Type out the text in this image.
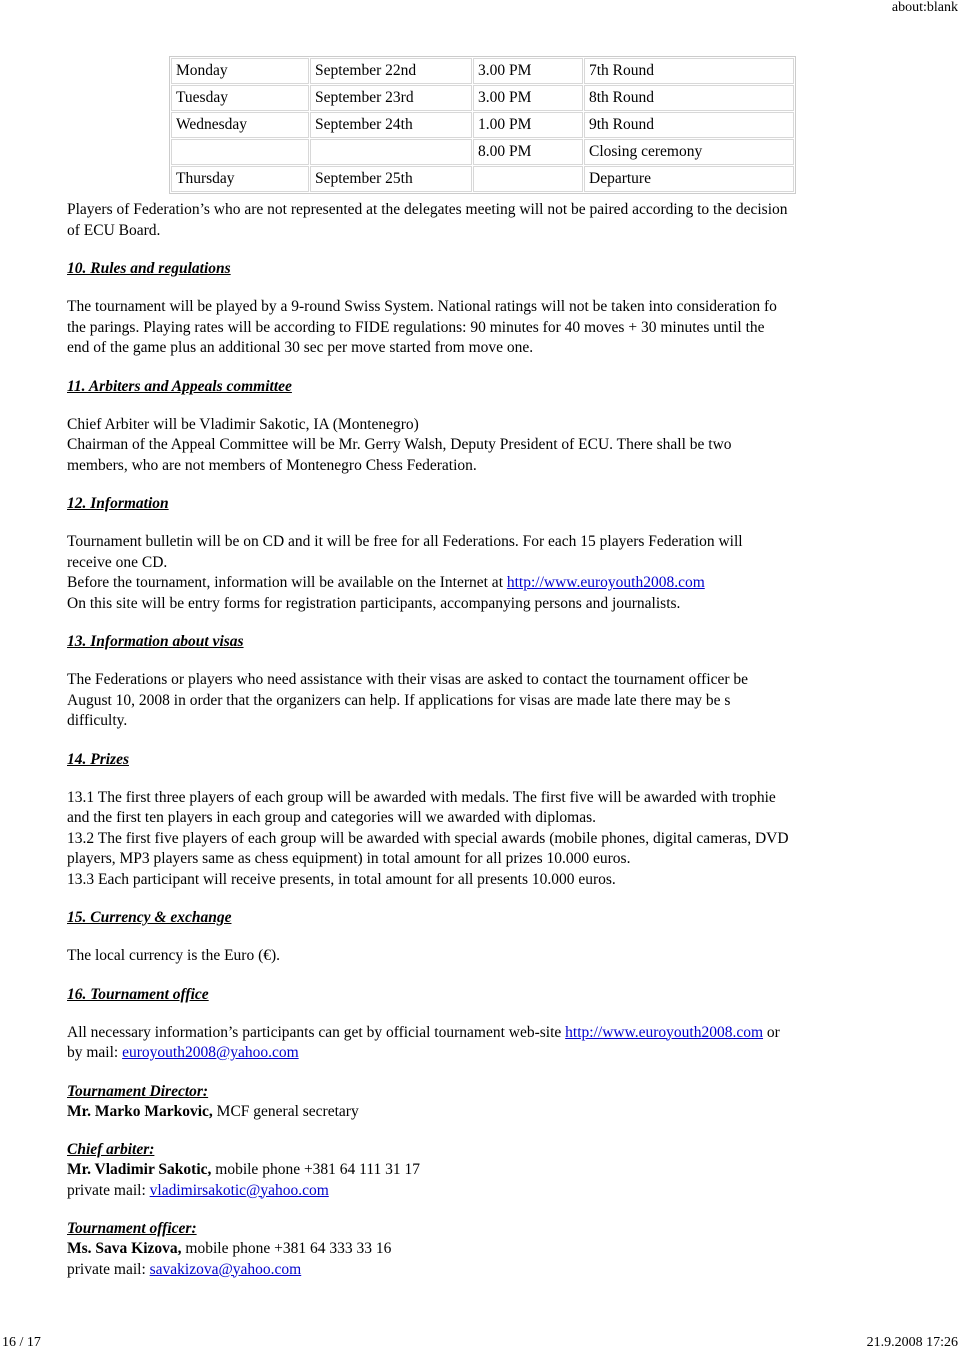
about:blank
Monday	September 22nd	3.00 PM	7th Round
Tuesday	September 23rd	3.00 PM	8th Round
Wednesday	September 24th	1.00 PM	9th Round
		8.00 PM	Closing ceremony
Thursday	September 25th		Departure

Players of Federation’s who are not represented at the delegates meeting will not be paired according to the decision

of ECU Board.

10. Rules and regulations

The tournament will be played by a 9-round Swiss System. National ratings will not be taken into consideration fo

the parings. Playing rates will be according to FIDE regulations: 90 minutes for 40 moves + 30 minutes until the

end of the game plus an additional 30 sec per move started from move one.

11. Arbiters and Appeals committee

Chief Arbiter will be Vladimir Sakotic, IA (Montenegro)

Chairman of the Appeal Committee will be Mr. Gerry Walsh, Deputy President of ECU. There shall be two

members, who are not members of Montenegro Chess Federation.

12. Information

Tournament bulletin will be on CD and it will be free for all Federations. For each 15 players Federation will

receive one CD.

Before the tournament, information will be available on the Internet at http://www.euroyouth2008.com

On this site will be entry forms for registration participants, accompanying persons and journalists.

13. Information about visas

The Federations or players who need assistance with their visas are asked to contact the tournament officer be

August 10, 2008 in order that the organizers can help. If applications for visas are made late there may be s

difficulty.

14. Prizes

13.1 The first three players of each group will be awarded with medals. The first five will be awarded with trophie

and the first ten players in each group and categories will we awarded with diplomas.

13.2 The first five players of each group will be awarded with special awards (mobile phones, digital cameras, DVD

players, MP3 players same as chess equipment) in total amount for all prizes 10.000 euros.

13.3 Each participant will receive presents, in total amount for all presents 10.000 euros.

15. Currency & exchange

The local currency is the Euro (€).

16. Tournament office

All necessary information’s participants can get by official tournament web-site http://www.euroyouth2008.com or

by mail: euroyouth2008@yahoo.com

Tournament Director:

Mr. Marko Markovic, MCF general secretary

Chief arbiter:

Mr. Vladimir Sakotic, mobile phone +381 64 111 31 17

private mail: vladimirsakotic@yahoo.com

Tournament officer:

Ms. Sava Kizova, mobile phone +381 64 333 33 16

private mail: savakizova@yahoo.com

16 / 17	21.9.2008 17:26
